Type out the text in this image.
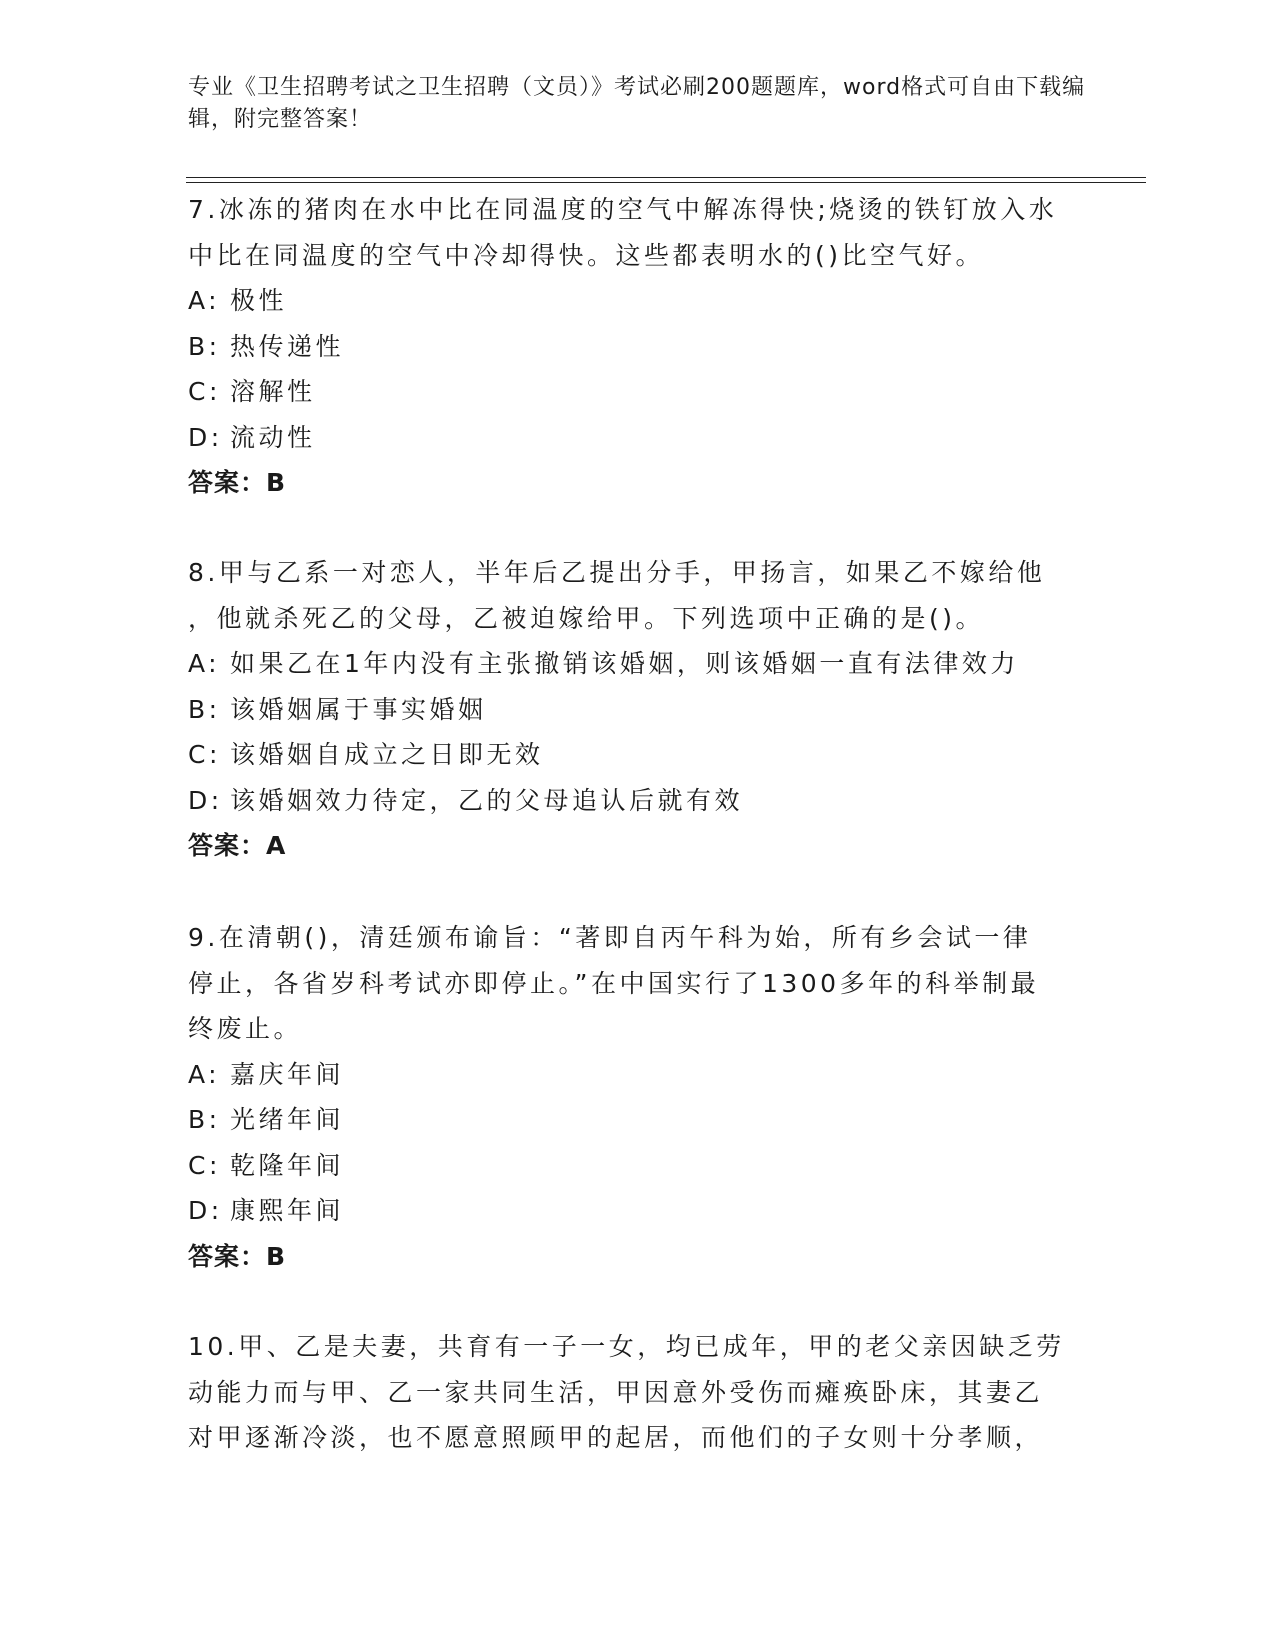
专业《卫生招聘考试之卫生招聘（文员）》考试必刷200题题库，word格式可自由下载编辑，附完整答案！

7.冰冻的猪肉在水中比在同温度的空气中解冻得快;烧烫的铁钉放入水

中比在同温度的空气中冷却得快。这些都表明水的()比空气好。

A: 极性

B: 热传递性

C: 溶解性

D: 流动性

答案：B

8.甲与乙系一对恋人，半年后乙提出分手，甲扬言，如果乙不嫁给他

，他就杀死乙的父母，乙被迫嫁给甲。下列选项中正确的是()。

A: 如果乙在1年内没有主张撤销该婚姻，则该婚姻一直有法律效力

B: 该婚姻属于事实婚姻

C: 该婚姻自成立之日即无效

D: 该婚姻效力待定，乙的父母追认后就有效

答案：A

9.在清朝()，清廷颁布谕旨：“著即自丙午科为始，所有乡会试一律

停止，各省岁科考试亦即停止。”在中国实行了1300多年的科举制最

终废止。

A: 嘉庆年间

B: 光绪年间

C: 乾隆年间

D: 康熙年间

答案：B

10.甲、乙是夫妻，共育有一子一女，均已成年，甲的老父亲因缺乏劳

动能力而与甲、乙一家共同生活，甲因意外受伤而瘫痪卧床，其妻乙

对甲逐渐冷淡，也不愿意照顾甲的起居，而他们的子女则十分孝顺，
